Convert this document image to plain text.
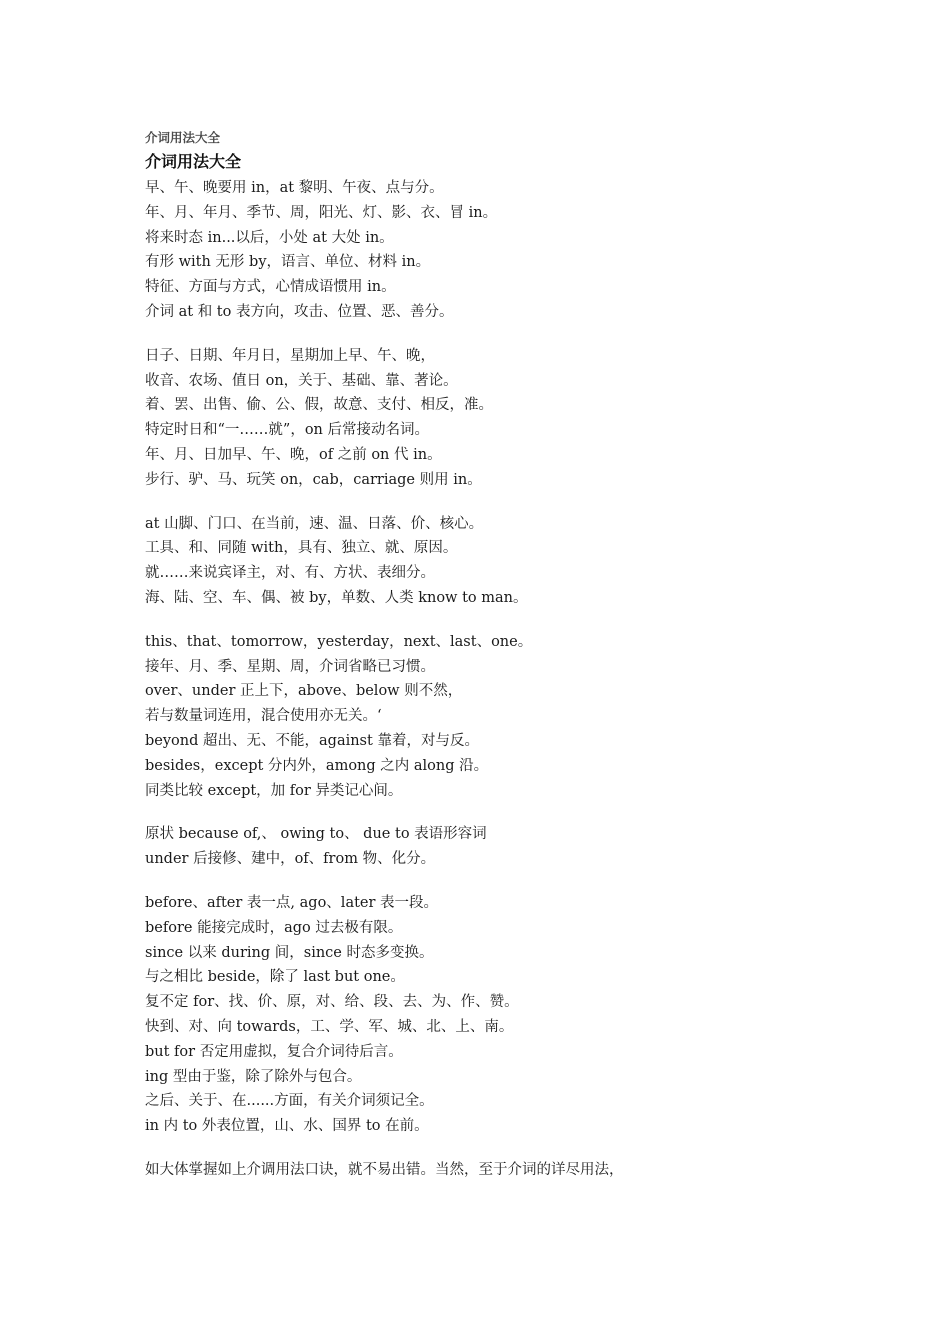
介词用法大全
介词用法大全
早、午、晚要用 in，at 黎明、午夜、点与分。
年、月、年月、季节、周，阳光、灯、影、衣、冒 in。
将来时态 in...以后，小处 at 大处 in。
有形 with 无形 by，语言、单位、材料 in。
特征、方面与方式，心情成语惯用 in。
介词 at 和 to 表方向，攻击、位置、恶、善分。
日子、日期、年月日，星期加上早、午、晚，
收音、农场、值日 on，关于、基础、靠、著论。
着、罢、出售、偷、公、假，故意、支付、相反，准。
特定时日和“一……就”，on 后常接动名词。
年、月、日加早、午、晚，of 之前 on 代 in。
步行、驴、马、玩笑 on，cab，carriage 则用 in。
at 山脚、门口、在当前，速、温、日落、价、核心。
工具、和、同随 with，具有、独立、就、原因。
就……来说宾译主，对、有、方状、表细分。
海、陆、空、车、偶、被 by，单数、人类 know to man。
this、that、tomorrow，yesterday，next、last、one。
接年、月、季、星期、周，介词省略已习惯。
over、under 正上下，above、below 则不然，
若与数量词连用，混合使用亦无关。‘
beyond 超出、无、不能，against 靠着，对与反。
besides，except 分内外，among 之内 along 沿。
同类比较 except，加 for 异类记心间。
原状 because of,、 owing to、 due to 表语形容词
under 后接修、建中，of、from 物、化分。
before、after 表一点, ago、later 表一段。
before 能接完成时，ago 过去极有限。
since 以来 during 间，since 时态多变换。
与之相比 beside，除了 last but one。
复不定 for、找、价、原，对、给、段、去、为、作、赞。
快到、对、向 towards，工、学、军、城、北、上、南。
but for 否定用虚拟，复合介词待后言。
ing 型由于鉴，除了除外与包合。
之后、关于、在......方面，有关介词须记全。
in 内 to 外表位置，山、水、国界 to 在前。
如大体掌握如上介调用法口诀，就不易出错。当然，至于介词的详尽用法，
